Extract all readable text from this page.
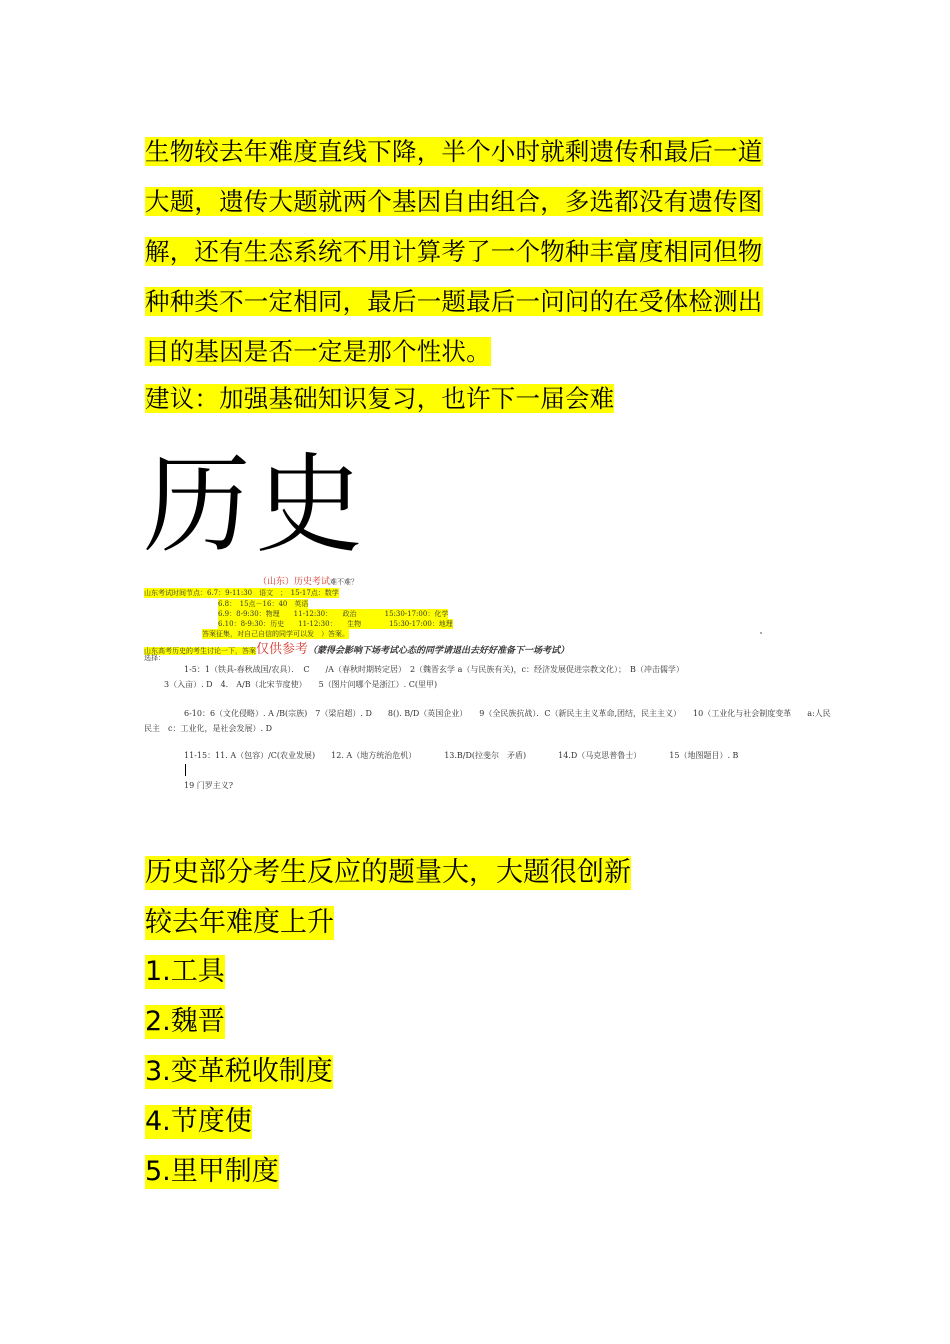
生物较去年难度直线下降，半个小时就剩遗传和最后一道大题，遗传大题就两个基因自由组合，多选都没有遗传图解，还有生态系统不用计算考了一个物种丰富度相同但物种种类不一定相同，最后一题最后一问问的在受体检测出目的基因是否一定是那个性状。
建议：加强基础知识复习，也许下一届会难
历史
（山东）历史考试难不难？
山东考试时间节点：6.7：9-11:30　语文　；　15-17点：数学
6.8：　15点－16：40　英语
6.9：8-9:30：物理　　11-12:30：　　政治　　　　15:30-17:00：化学
6.10：8-9:30：历史　　11-12:30：　　生物　　　　15:30-17:00：地理
答案征集，对自己自信的同学可以发　）答案。
山东高考历史的考生讨论一下，答案仅供参考（蒙得会影响下场考试心态的同学请退出去好好准备下一场考试）
选择：
1-5：1（铁具-春秋战国/农具）．　C　　/A（春秋时期转定居）　2（魏晋玄学 a（与民族有关)，c：经济发展促进宗教文化）；　B（冲击儒学）
3（入亩）. D　4.　A/B（北宋节度使）　　5（图片问哪个是浙江）. C(里甲)
6-10：6（文化侵略）. A /B(宗族)　7（梁启超）. D　　8(). B/D（英国企业）　　9（全民族抗战）．C（新民主主义革命,团结，民主主义）　　10（工业化与社会制度变革　　a:人民
民主　c：工业化，是社会发展）. D
11-15：11. A（包容）/C(农业发展)　　12. A（地方统治危机）　　　　13.B/D(拉斐尔　矛盾)　　　　14.D（马克思普鲁士）　　　　15（地图题目）. B
19 门罗主义?
历史部分考生反应的题量大，大题很创新
较去年难度上升
1.工具
2.魏晋
3.变革税收制度
4.节度使
5.里甲制度
